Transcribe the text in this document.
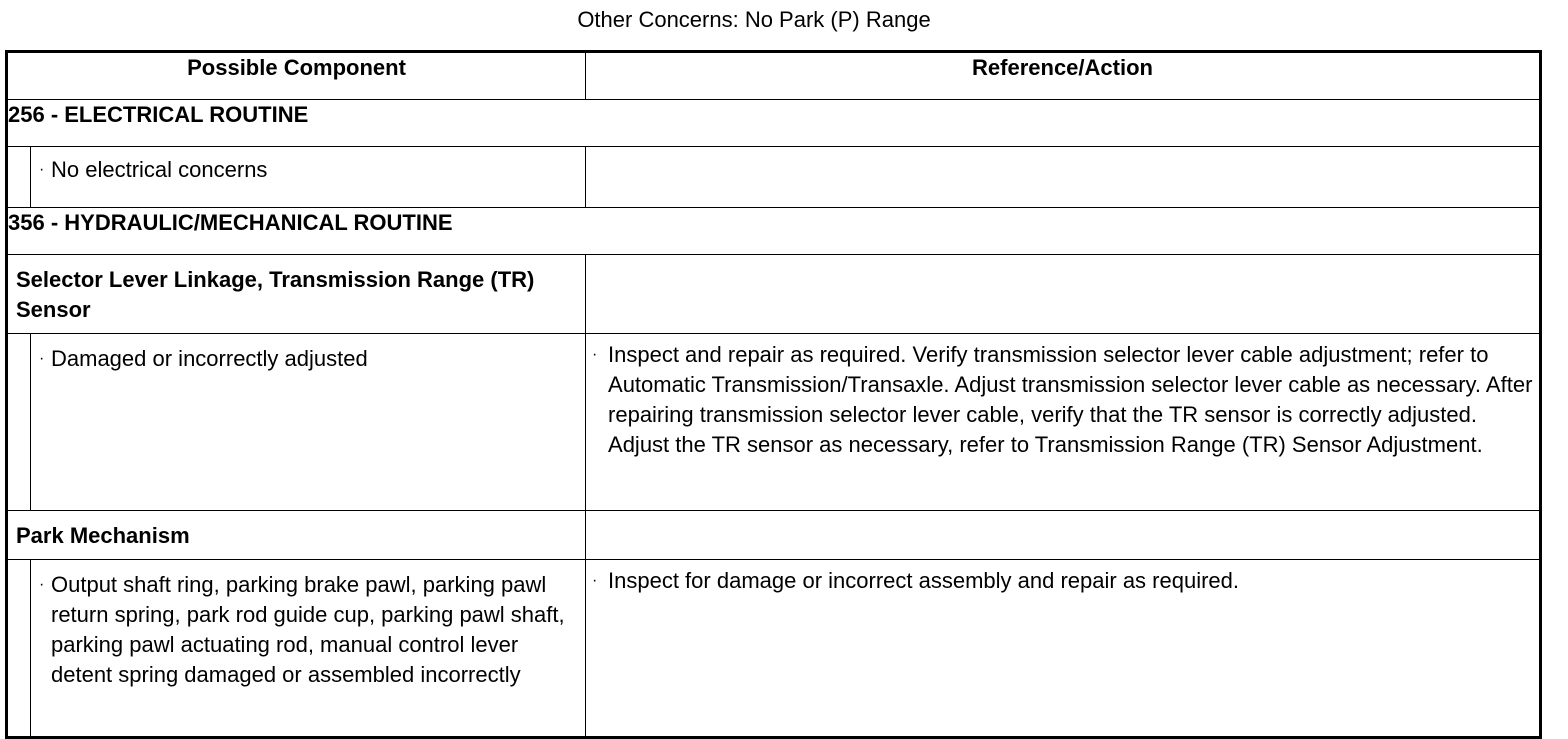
Other Concerns: No Park (P) Range
Possible Component		Reference/Action
256 - ELECTRICAL ROUTINE		

	· No electrical concerns	

356 - HYDRAULIC/MECHANICAL ROUTINE		
Selector Lever Linkage, Transmission Range (TR) Sensor		

	· Damaged or incorrectly adjusted	· Inspect and repair as required. Verify transmission selector lever cable adjustment; refer to Automatic Transmission/Transaxle. Adjust transmission selector lever cable as necessary. After repairing transmission selector lever cable, verify that the TR sensor is correctly adjusted. Adjust the TR sensor as necessary, refer to Transmission Range (TR) Sensor Adjustment.

Park Mechanism		

	· Output shaft ring, parking brake pawl, parking pawl return spring, park rod guide cup, parking pawl shaft, parking pawl actuating rod, manual control lever detent spring damaged or assembled incorrectly	· Inspect for damage or incorrect assembly and repair as required.
